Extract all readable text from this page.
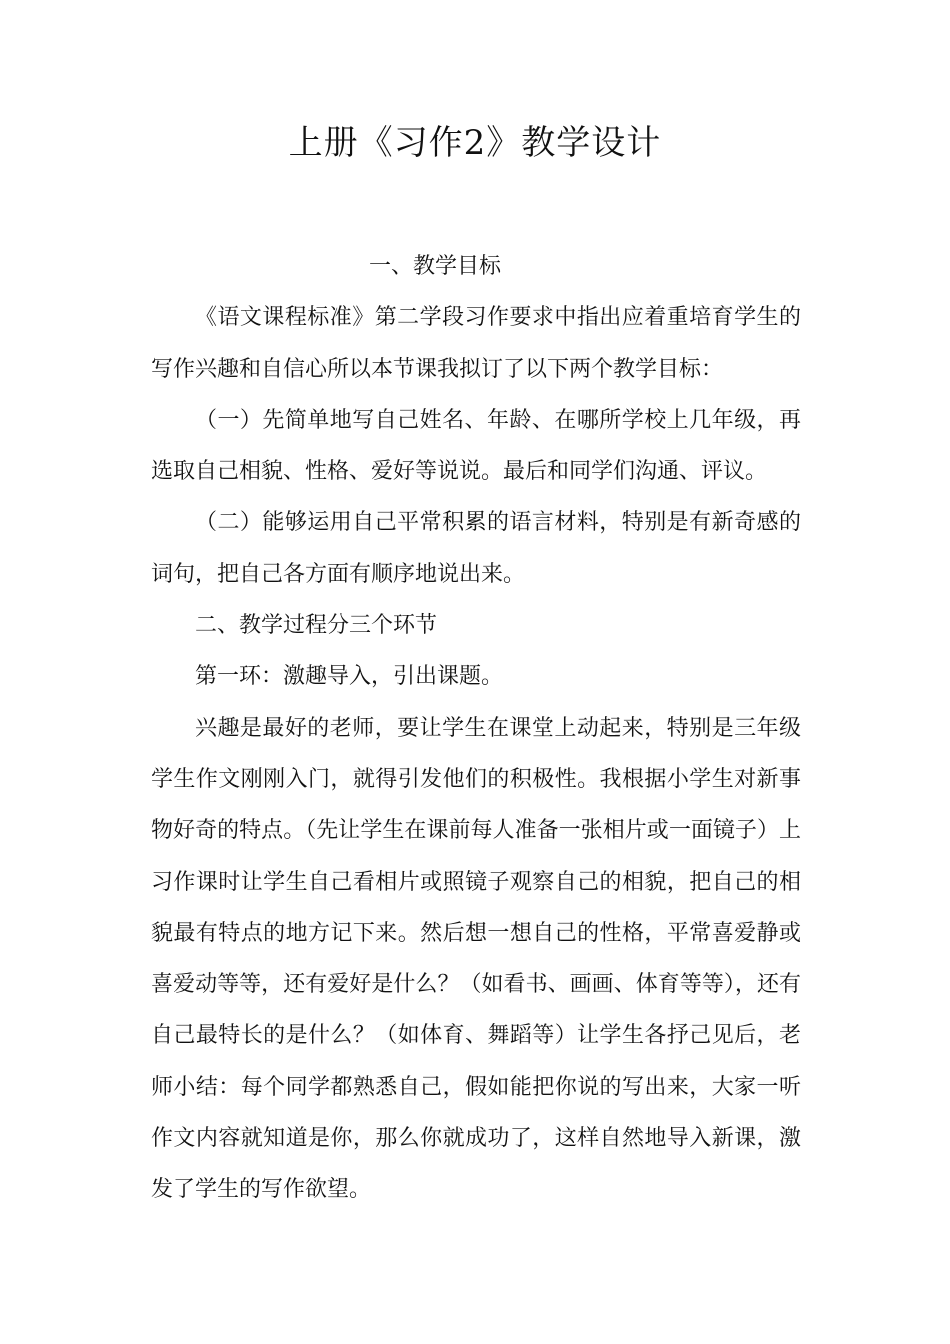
上册《习作2》教学设计

一、教学目标

《语文课程标准》第二学段习作要求中指出应着重培育学生的写作兴趣和自信心所以本节课我拟订了以下两个教学目标：

（一）先简单地写自己姓名、年龄、在哪所学校上几年级，再选取自己相貌、性格、爱好等说说。最后和同学们沟通、评议。

（二）能够运用自己平常积累的语言材料，特别是有新奇感的词句，把自己各方面有顺序地说出来。

二、教学过程分三个环节

第一环：激趣导入，引出课题。

兴趣是最好的老师，要让学生在课堂上动起来，特别是三年级学生作文刚刚入门，就得引发他们的积极性。我根据小学生对新事物好奇的特点。（先让学生在课前每人准备一张相片或一面镜子）上习作课时让学生自己看相片或照镜子观察自己的相貌，把自己的相貌最有特点的地方记下来。然后想一想自己的性格，平常喜爱静或喜爱动等等，还有爱好是什么？（如看书、画画、体育等等），还有自己最特长的是什么？（如体育、舞蹈等）让学生各抒己见后，老师小结：每个同学都熟悉自己，假如能把你说的写出来，大家一听作文内容就知道是你，那么你就成功了，这样自然地导入新课，激发了学生的写作欲望。
